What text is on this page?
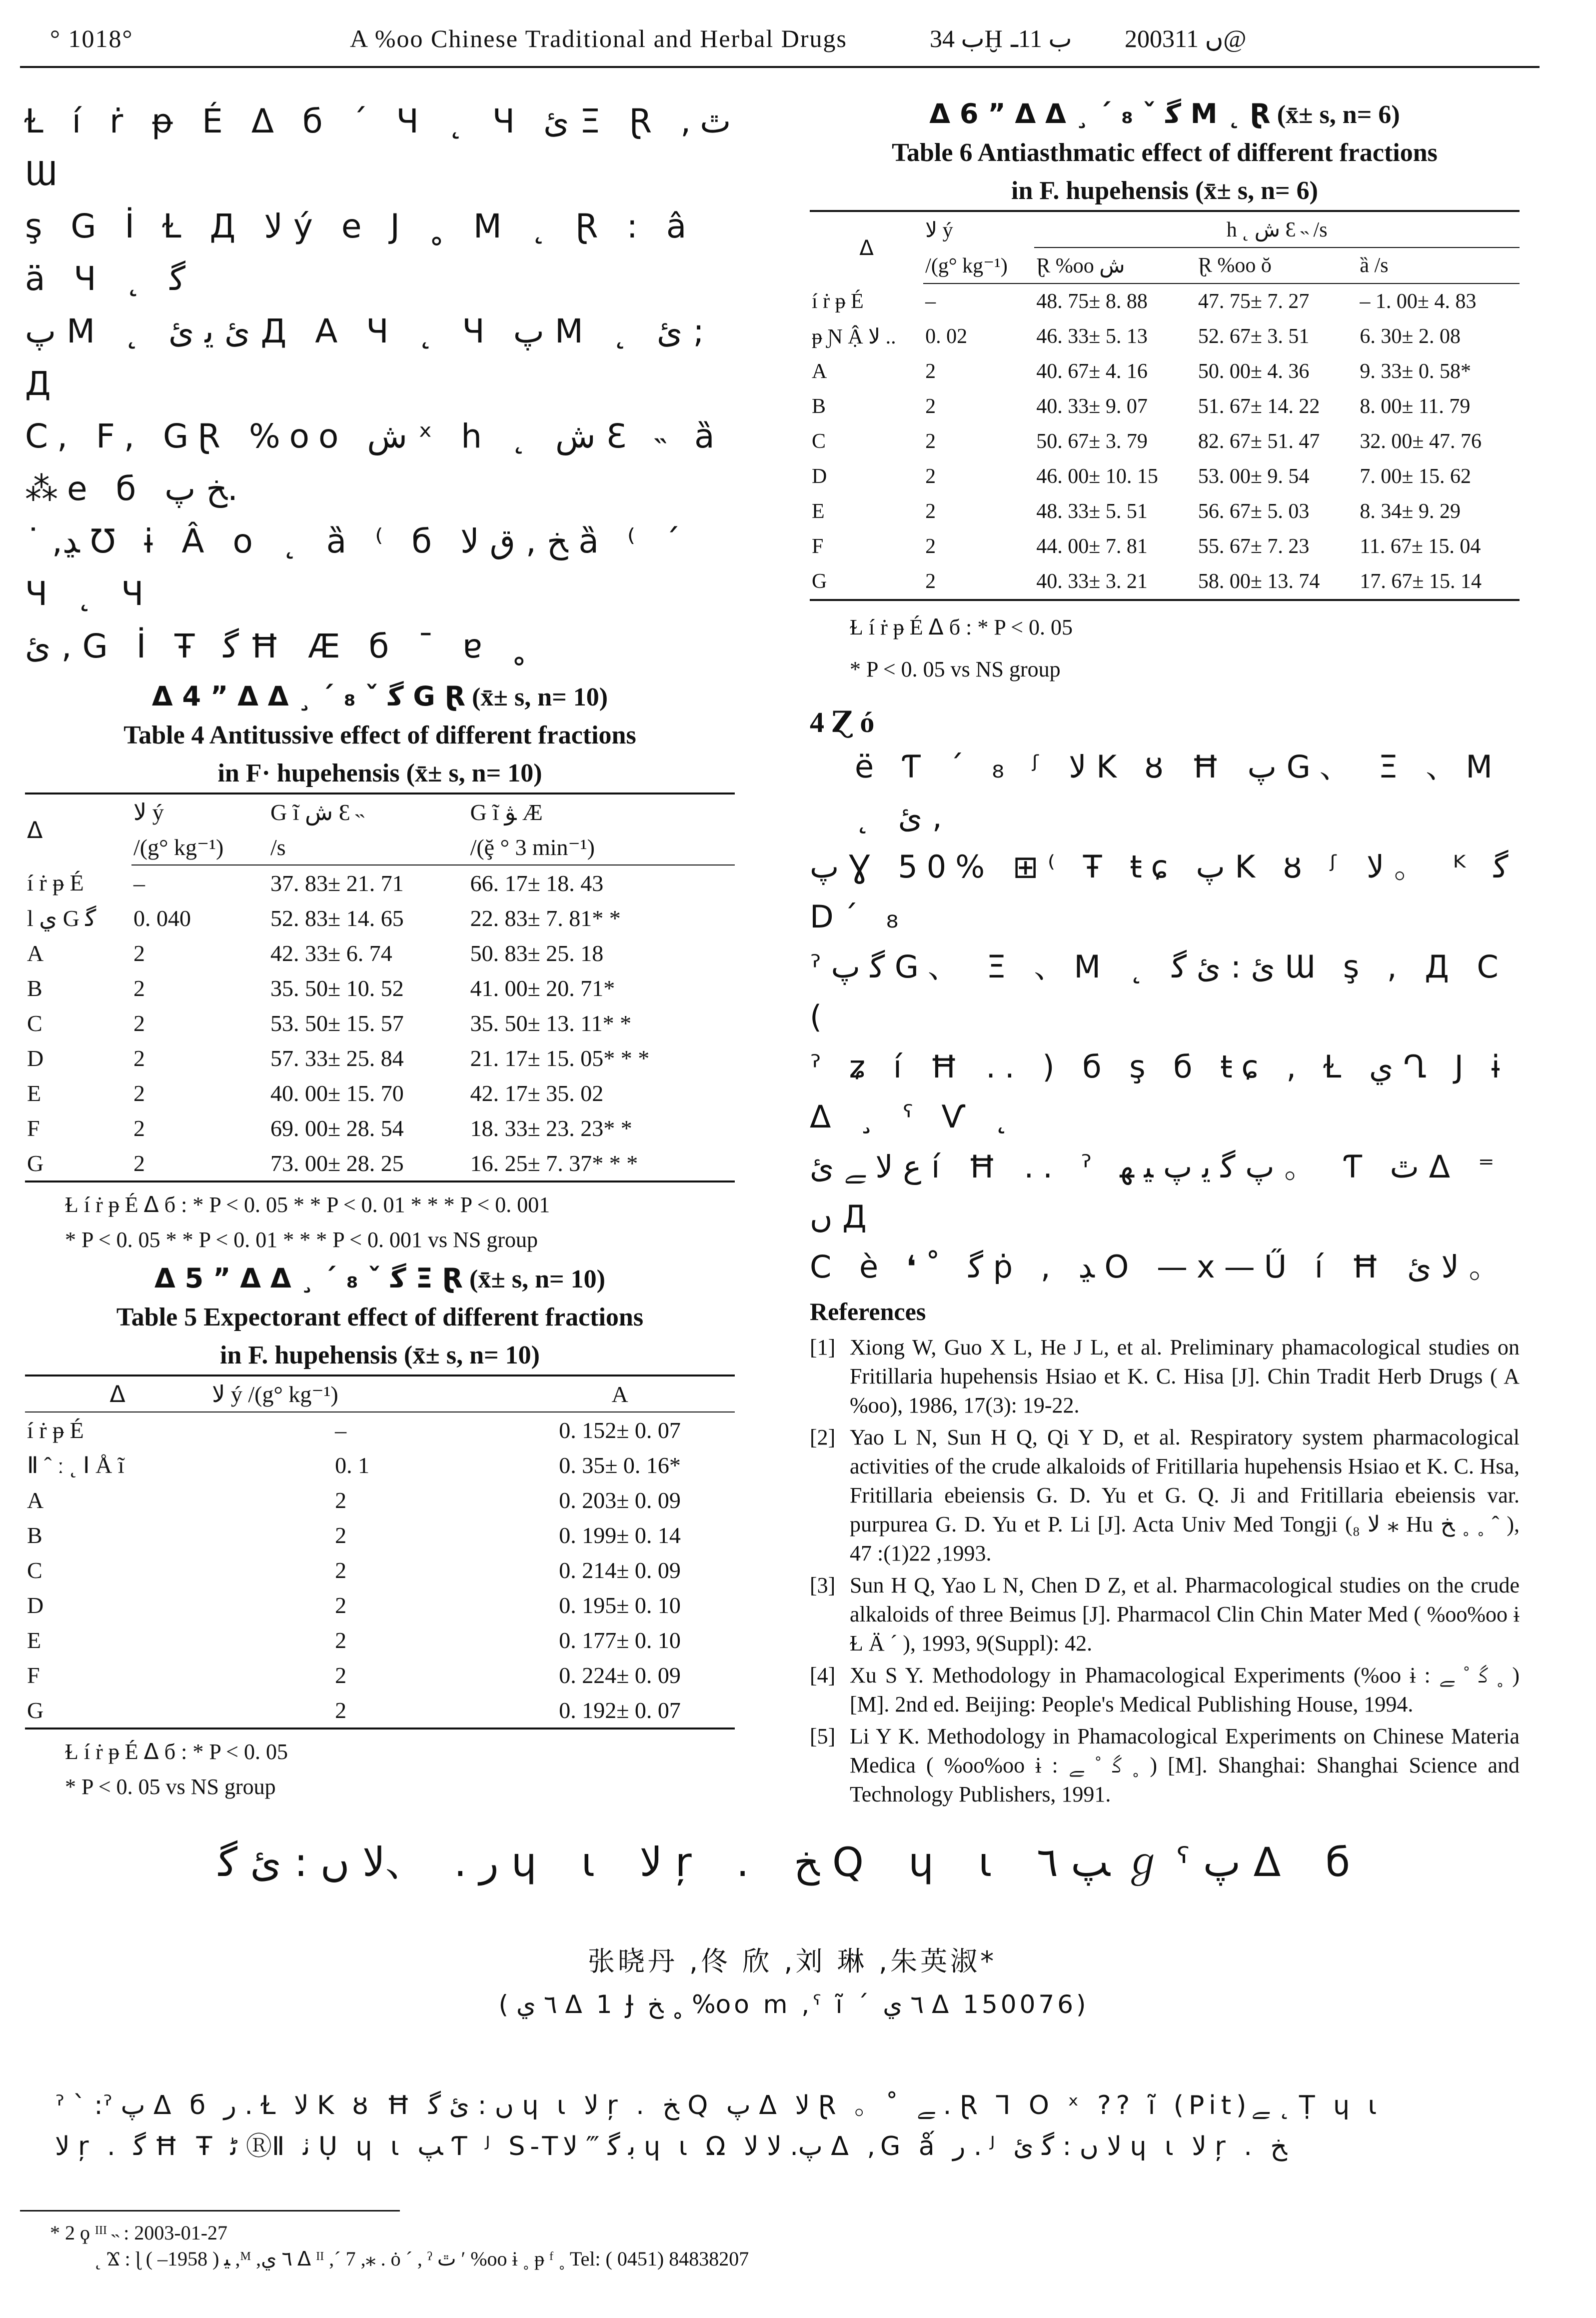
° 1018°	A %oo Chinese Traditional and Herbal Drugs	ب 34Ḫ ب 11ـ 2003ں 11@
Ɫ í ṙ ᵽ É ᐃ б ´ Ч ˛ Ч ﺉ Ξ Ɽ ,ﭢ Ɯ
ş G İ Ɫ Д ﻻ ý e J ˳ M ˛ Ɽ : â ä Ч ˛ ﮔ
ﭖ M ˛ ﺉ ﯾ ﺉ Д A Ч ˛ Ч ﭖ M ˛ ﺉ ; Д
C, F, GⱤ %oo ﺵ ˣ h ˛ ﺵ Ɛ ˵ ȁ ⁂e б ﺦ ﭖ.
˙ ,ﮃ Ʊ ɨ Â o ˛ ȁ ⁽ б ﺦ , ﻕ ﻻ ȁ ⁽ ´ Ч ˛ Ч
ﺉ , G İ Ŧ ﮔ Ħ Æ б ˉ ɐ ˳
ᐃ 4 ” ᐃ ᐃ ¸ ´ ₈ ˇ ﮔ G Ɽ (x̄± s, n= 10)
Table 4 Antitussive effect of different fractions
in F· hupehensis (x̄± s, n= 10)
ᐃ	ﻻ ý	G ĩ ﺵ Ɛ ˵	G ĩ ﯟ Æ
	/(g° kg⁻¹)	/s	/(ḝ ° 3 min⁻¹)
í ṙ ᵽ É	–	37. 83± 21. 71	66. 17± 18. 43
l ﻱ G ﮔ	0. 040	52. 83± 14. 65	22. 83± 7. 81* *
A	2	42. 33± 6. 74	50. 83± 25. 18
B	2	35. 50± 10. 52	41. 00± 20. 71*
C	2	53. 50± 15. 57	35. 50± 13. 11* *
D	2	57. 33± 25. 84	21. 17± 15. 05* * *
E	2	40. 00± 15. 70	42. 17± 35. 02
F	2	69. 00± 28. 54	18. 33± 23. 23* *
G	2	73. 00± 28. 25	16. 25± 7. 37* * *
Ɫ í ṙ ᵽ É ᐃ б : * P < 0. 05 * * P < 0. 01 * * * P < 0. 001
* P < 0. 05 * * P < 0. 01 * * * P < 0. 001 vs NS group
ᐃ 5 ” ᐃ ᐃ ¸ ´ ₈ ˇ ﮔ Ξ Ɽ (x̄± s, n= 10)
Table 5 Expectorant effect of different fractions
in F. hupehensis (x̄± s, n= 10)
ᐃ	ﻻ ý /(g° kg⁻¹)	A
í ṙ ᵽ É	–	0. 152± 0. 07
Ⅱ ˆ ː ˛ Ⅰ Å ĩ	0. 1	0. 35± 0. 16*
A	2	0. 203± 0. 09
B	2	0. 199± 0. 14
C	2	0. 214± 0. 09
D	2	0. 195± 0. 10
E	2	0. 177± 0. 10
F	2	0. 224± 0. 09
G	2	0. 192± 0. 07
Ɫ í ṙ ᵽ É ᐃ б : * P < 0. 05
* P < 0. 05 vs NS group
ᐃ 6 ” ᐃ ᐃ ¸ ´ ₈ ˇ ﮔ M ˛ Ɽ (x̄± s, n= 6)
Table 6 Antiasthmatic effect of different fractions
in F. hupehensis (x̄± s, n= 6)
ᐃ	ﻻ ý	h ˛ ﺵ Ɛ ˵ /s		
	/(g° kg⁻¹)	Ɽ %oo ﺵ	Ɽ %oo ŏ	ȁ /s
í ṙ ᵽ É	–	48. 75± 8. 88	47. 75± 7. 27	– 1. 00± 4. 83
ᵽ Ɲ Ậ ﻻ ..	0. 02	46. 33± 5. 13	52. 67± 3. 51	6. 30± 2. 08
A	2	40. 67± 4. 16	50. 00± 4. 36	9. 33± 0. 58*
B	2	40. 33± 9. 07	51. 67± 14. 22	8. 00± 11. 79
C	2	50. 67± 3. 79	82. 67± 51. 47	32. 00± 47. 76
D	2	46. 00± 10. 15	53. 00± 9. 54	7. 00± 15. 62
E	2	48. 33± 5. 51	56. 67± 5. 03	8. 34± 9. 29
F	2	44. 00± 7. 81	55. 67± 7. 23	11. 67± 15. 04
G	2	40. 33± 3. 21	58. 00± 13. 74	17. 67± 15. 14
Ɫ í ṙ ᵽ É ᐃ б : * P < 0. 05
* P < 0. 05 vs NS group
4 Ɀ ó
ë Ƭ ´ ₈ ᶴ ﻻ K ȣ Ħ ﭖ G、 Ξ 、M ˛ ﺉ ,
ﭖ Ɣ 50% ⊞⁽ Ŧ ŧɕ ﭖ K ȣ ᶴ ﻻ 。 ᴷ ﮔ D´ ₈
ˀ ﮔ ﭖ G、 Ξ 、M ˛ ﺉ : ﺉ ﮔ Ɯ ş , Д C (
ˀ ʑ í Ħ .. ) б ş б ŧɕ , Ɫ ﻱ Ղ J ɨ ᐃ ¸ ˁ Ѵ ˛
ﻉ ﻻ ﮯ ﺉ í Ħ .. ˀ ﭖ ﮔ ﯾ ﭖ ﯿ ﮭ 。 Ƭ ﭢ ᐃ ⁼ ﮞ Д
C è ❛˚ ﮔ ṗ , ﮃ O —x—Ű í Ħ ﻻ ﺉ 。
References
[1] Xiong W, Guo X L, He J L, et al. Preliminary phamacological studies on Fritillaria hupehensis Hsiao et K. C. Hisa [J]. Chin Tradit Herb Drugs ( A %oo), 1986, 17(3): 19-22.
[2] Yao L N, Sun H Q, Qi Y D, et al. Respiratory system pharmacological activities of the crude alkaloids of Fritillaria hupehensis Hsiao et K. C. Hsa, Fritillaria ebeiensis G. D. Yu et G. Q. Ji and Fritillaria ebeiensis var. purpurea G. D. Yu et P. Li [J]. Acta Univ Med Tongji (₈ ﻻ ⁎ Hu ﺦ ˳ ˳ ˆ ), 1993, 22(1): 47.
[3] Sun H Q, Yao L N, Chen D Z, et al. Pharmacological studies on the crude alkaloids of three Beimus [J]. Pharmacol Clin Chin Mater Med ( %oo%oo ɨ Ɫ Ä ´ ), 1993, 9(Suppl): 42.
[4] Xu S Y. Methodology in Phamacological Experiments (%oo ɨ : ﮔ ˚ ﮯ ˳ ) [M]. 2nd ed. Beijing: People's Medical Publishing House, 1994.
[5] Li Y K. Methodology in Phamacological Experiments on Chinese Materia Medica ( %oo%oo ɨ : ﮔ ˚ ﮯ ˳ ) [M]. Shanghai: Shanghai Science and Technology Publishers, 1991.
ﺭ . 、ﻻ ﮞ : ﺉ ﮔ ɥ ɩ ﻻ ŗ . ﺦ Q ɥ ɩ ﭗ ٦ ℊ ˁ ﭖ ᐃ б
张晓丹 ,佟 欣 ,刘 琳 ,朱英淑*
( ٦ ﻱ ᐃ 1 Ɉ ﺦ ˳ %oo m ,ˁ ĩ ´ ٦ ﻱ ᐃ 150076)
ˀ ` :ˀ ﭖ ᐃ б ﺭ . Ɫ ﻻ K ȣ Ħ ﮞ : ﺉ ﮔ ɥ ɩ ﻻ ŗ . ﺦ Q ﭖ ᐃ ﻻ Ɽ 。˚ ﮯ . Ɽ Ꞁ O ˣ ?? ĩ (Pit)ﮯ ˛ Ṭ ɥ ɩ
ﻻ ŗ . ﮔ Ħ Ŧ ﭨ ⓇⅡ ﭠ Ụ ɥ ɩ ﭗ Ƭ ᴶ S-Tﺑ ﮔ ‴ ﻻ ɥ ɩ Ω ﭖ. ﻻ ﻻ ᐃ ,G ǻ ﺭ . ᴶ ﻻ ﮞ : ﮔ ﺉ ɥ ɩ ﻻ ŗ . ﺦ
* 2 ϙ ᴵᴵᴵ ˵ : 2003-01-27
˛ Ϫ : ɭ ﯿ ( 1958– ) ,ᴹ ,٦ ﻱ ᐃ ᴵᴵ ,´ 7 ,⁎ . ȯ ´ , ˀ ﭢ ʹ %oo ɨ ˳ ᵽ ᶠ ˳ Tel: ( 0451) 84838207
